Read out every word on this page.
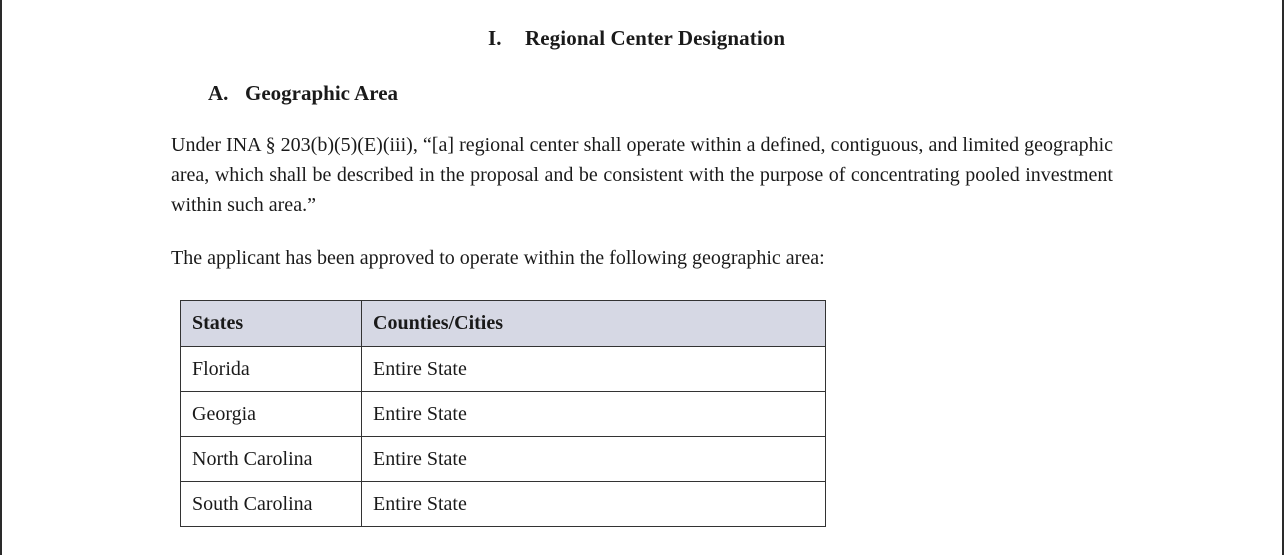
I. Regional Center Designation
A. Geographic Area

Under INA § 203(b)(5)(E)(iii), “[a] regional center shall operate within a defined, contiguous, and limited geographic area, which shall be described in the proposal and be consistent with the purpose of concentrating pooled investment within such area.”

The applicant has been approved to operate within the following geographic area:

States	Counties/Cities
Florida	Entire State
Georgia	Entire State
North Carolina	Entire State
South Carolina	Entire State
